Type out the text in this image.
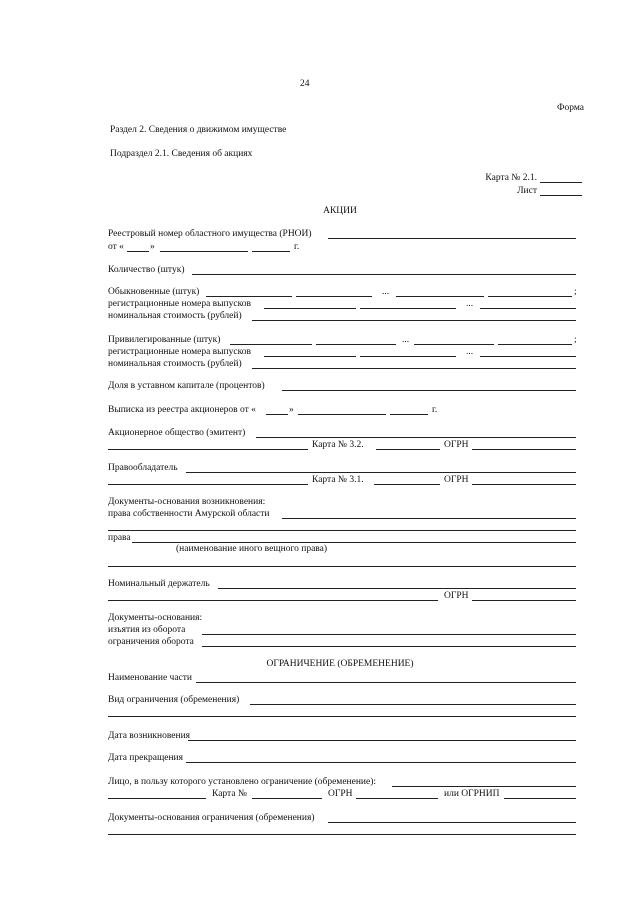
24
Форма
Раздел 2. Сведения о движимом имуществе
Подраздел 2.1. Сведения об акциях
Карта № 2.1.
Лист
АКЦИИ
Реестровый номер областного имущества (РНОИ)
от «	»	г.
Количество (штук)
Обыкновенные (штук)	...	;
регистрационные номера выпусков	...
номинальная стоимость (рублей)
Привилегированные (штук)	...	;
регистрационные номера выпусков	...
номинальная стоимость (рублей)
Доля в уставном капитале (процентов)
Выписка из реестра акционеров от «	»	г.
Акционерное общество (эмитент)
Карта № 3.2.	ОГРН
Правообладатель
Карта № 3.1.	ОГРН
Документы-основания возникновения:
права собственности Амурской области
права
(наименование иного вещного права)
Номинальный держатель
ОГРН
Документы-основания:
изъятия из оборота
ограничения оборота
ОГРАНИЧЕНИЕ (ОБРЕМЕНЕНИЕ)
Наименование части
Вид ограничения (обременения)
Дата возникновения
Дата прекращения
Лицо, в пользу которого установлено ограничение (обременение):
Карта №	ОГРН	или ОГРНИП
Документы-основания ограничения (обременения)
